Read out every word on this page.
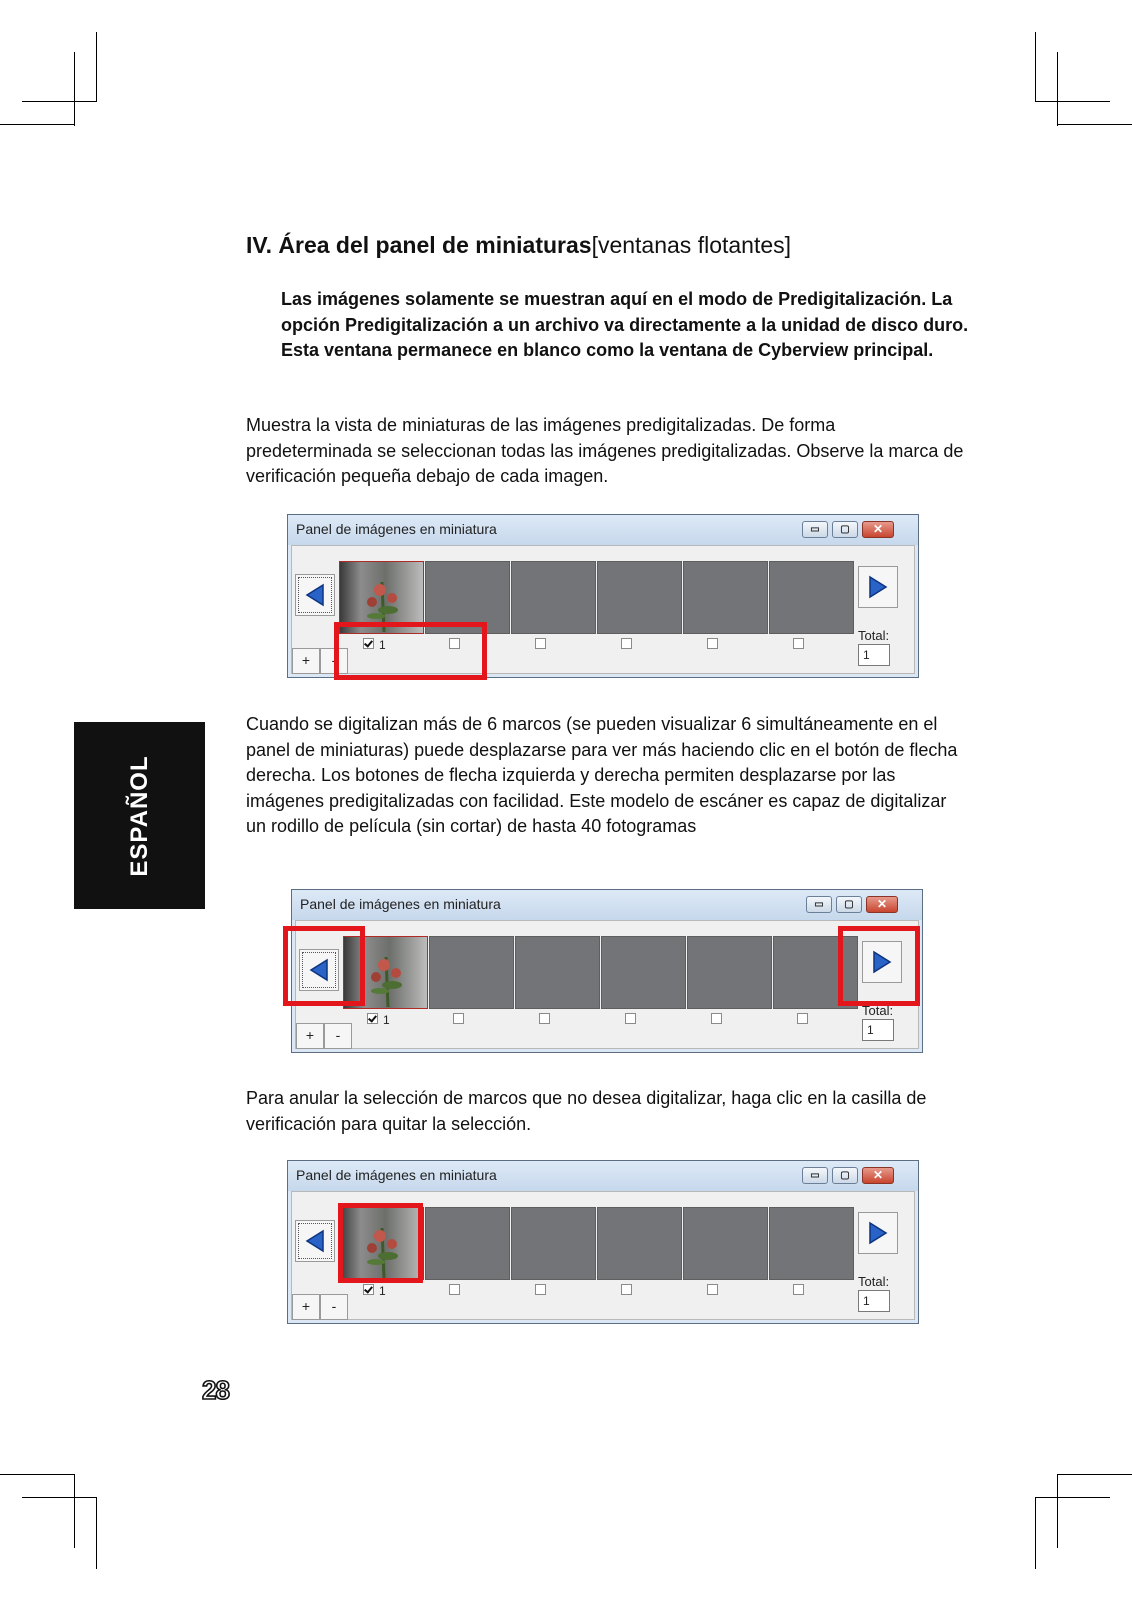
IV. Área del panel de miniaturas[ventanas flotantes]
Las imágenes solamente se muestran aquí en el modo de Predigitalización. La opción Predigitalización a un archivo va directamente a la unidad de disco duro. Esta ventana permanece en blanco como la ventana de Cyberview principal.
Muestra la vista de miniaturas de las imágenes predigitalizadas. De forma predeterminada se seleccionan todas las imágenes predigitalizadas. Observe la marca de verificación pequeña debajo de cada imagen.
Panel de imágenes en miniatura	▭	▢	✕
1
+	-
Total:
1
ESPAÑOL
Cuando se digitalizan más de 6 marcos (se pueden visualizar 6 simultáneamente en el panel de miniaturas) puede desplazarse para ver más haciendo clic en el botón de flecha derecha. Los botones de flecha izquierda y derecha permiten desplazarse por las imágenes predigitalizadas con facilidad. Este modelo de escáner es capaz de digitalizar un rodillo de película (sin cortar) de hasta 40 fotogramas
Panel de imágenes en miniatura	▭	▢	✕
1
+	-
Total:
1
Para anular la selección de marcos que no desea digitalizar, haga clic en la casilla de verificación para quitar la selección.
Panel de imágenes en miniatura	▭	▢	✕
1
+	-
Total:
1
28
